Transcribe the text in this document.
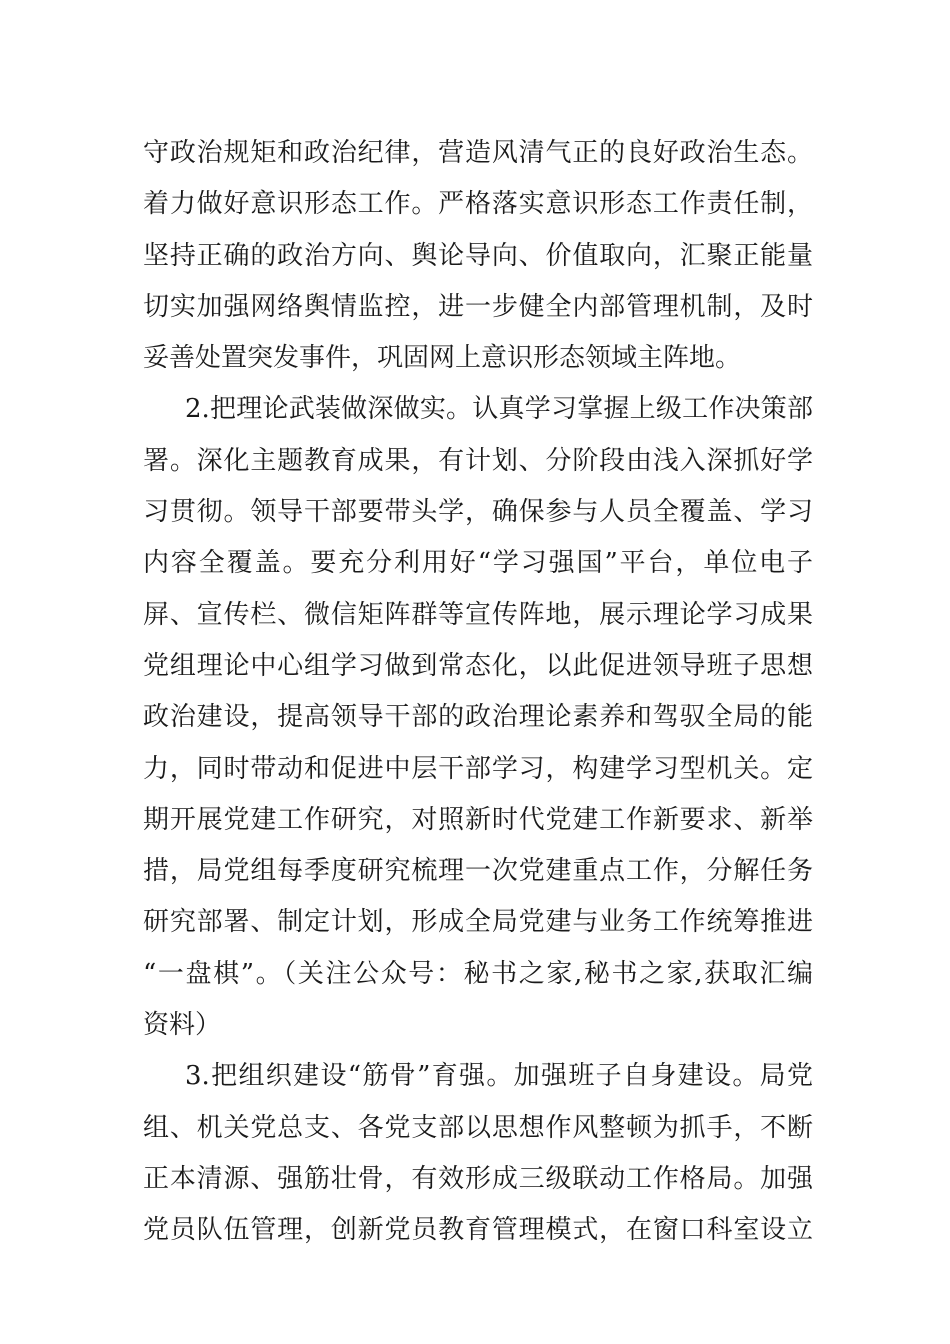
守政治规矩和政治纪律，营造风清气正的良好政治生态。
着力做好意识形态工作。严格落实意识形态工作责任制，
坚持正确的政治方向、舆论导向、价值取向，汇聚正能量
切实加强网络舆情监控，进一步健全内部管理机制，及时
妥善处置突发事件，巩固网上意识形态领域主阵地。
2.把理论武装做深做实。认真学习掌握上级工作决策部
署。深化主题教育成果，有计划、分阶段由浅入深抓好学
习贯彻。领导干部要带头学，确保参与人员全覆盖、学习
内容全覆盖。要充分利用好“学习强国”平台，单位电子
屏、宣传栏、微信矩阵群等宣传阵地，展示理论学习成果
党组理论中心组学习做到常态化，以此促进领导班子思想
政治建设，提高领导干部的政治理论素养和驾驭全局的能
力，同时带动和促进中层干部学习，构建学习型机关。定
期开展党建工作研究，对照新时代党建工作新要求、新举
措，局党组每季度研究梳理一次党建重点工作，分解任务
研究部署、制定计划，形成全局党建与业务工作统筹推进
“一盘棋”。（关注公众号：秘书之家,秘书之家,获取汇编
资料）
3.把组织建设“筋骨”育强。加强班子自身建设。局党
组、机关党总支、各党支部以思想作风整顿为抓手，不断
正本清源、强筋壮骨，有效形成三级联动工作格局。加强
党员队伍管理，创新党员教育管理模式，在窗口科室设立
